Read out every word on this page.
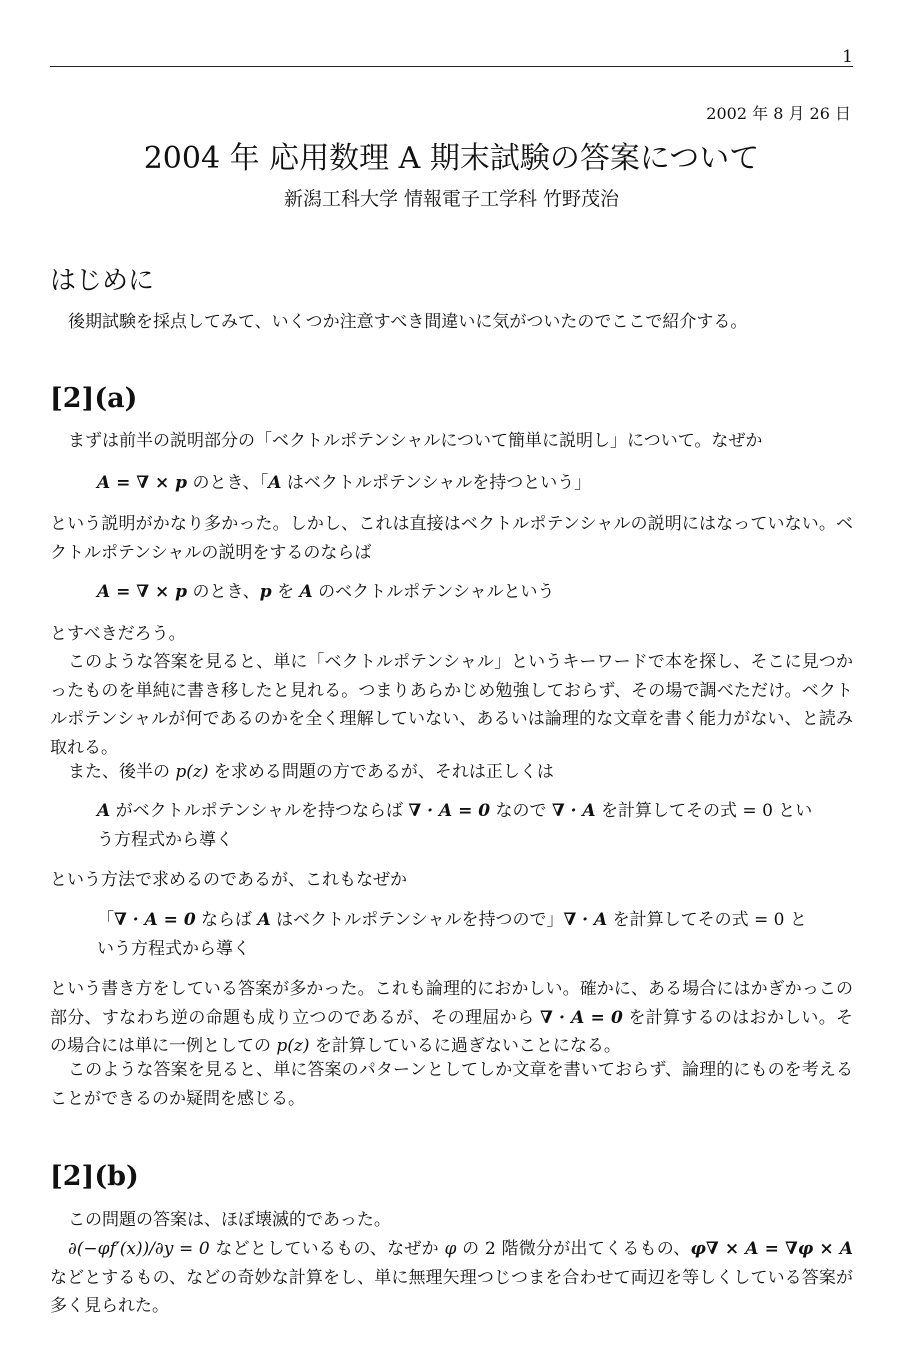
1
2002 年 8 月 26 日
2004 年 応用数理 A 期末試験の答案について
新潟工科大学 情報電子工学科 竹野茂治
はじめに

後期試験を採点してみて、いくつか注意すべき間違いに気がついたのでここで紹介する。

[2](a)

まずは前半の説明部分の「ベクトルポテンシャルについて簡単に説明し」について。なぜか

A = ∇ × p のとき、「A はベクトルポテンシャルを持つという」

という説明がかなり多かった。しかし、これは直接はベクトルポテンシャルの説明にはなっていない。ベクトルポテンシャルの説明をするのならば

A = ∇ × p のとき、p を A のベクトルポテンシャルという

とすべきだろう。

このような答案を見ると、単に「ベクトルポテンシャル」というキーワードで本を探し、そこに見つかったものを単純に書き移したと見れる。つまりあらかじめ勉強しておらず、その場で調べただけ。ベクトルポテンシャルが何であるのかを全く理解していない、あるいは論理的な文章を書く能力がない、と読み取れる。

また、後半の p(z) を求める問題の方であるが、それは正しくは

A がベクトルポテンシャルを持つならば ∇ · A = 0 なので ∇ · A を計算してその式 = 0 という方程式から導く

という方法で求めるのであるが、これもなぜか

「∇ · A = 0 ならば A はベクトルポテンシャルを持つので」∇ · A を計算してその式 = 0 という方程式から導く

という書き方をしている答案が多かった。これも論理的におかしい。確かに、ある場合にはかぎかっこの部分、すなわち逆の命題も成り立つのであるが、その理屈から ∇ · A = 0 を計算するのはおかしい。その場合には単に一例としての p(z) を計算しているに過ぎないことになる。

このような答案を見ると、単に答案のパターンとしてしか文章を書いておらず、論理的にものを考えることができるのか疑問を感じる。

[2](b)

この問題の答案は、ほぼ壊滅的であった。

∂(−φf′(x))/∂y = 0 などとしているもの、なぜか φ の 2 階微分が出てくるもの、φ∇ × A = ∇φ × A などとするもの、などの奇妙な計算をし、単に無理矢理つじつまを合わせて両辺を等しくしている答案が多く見られた。
